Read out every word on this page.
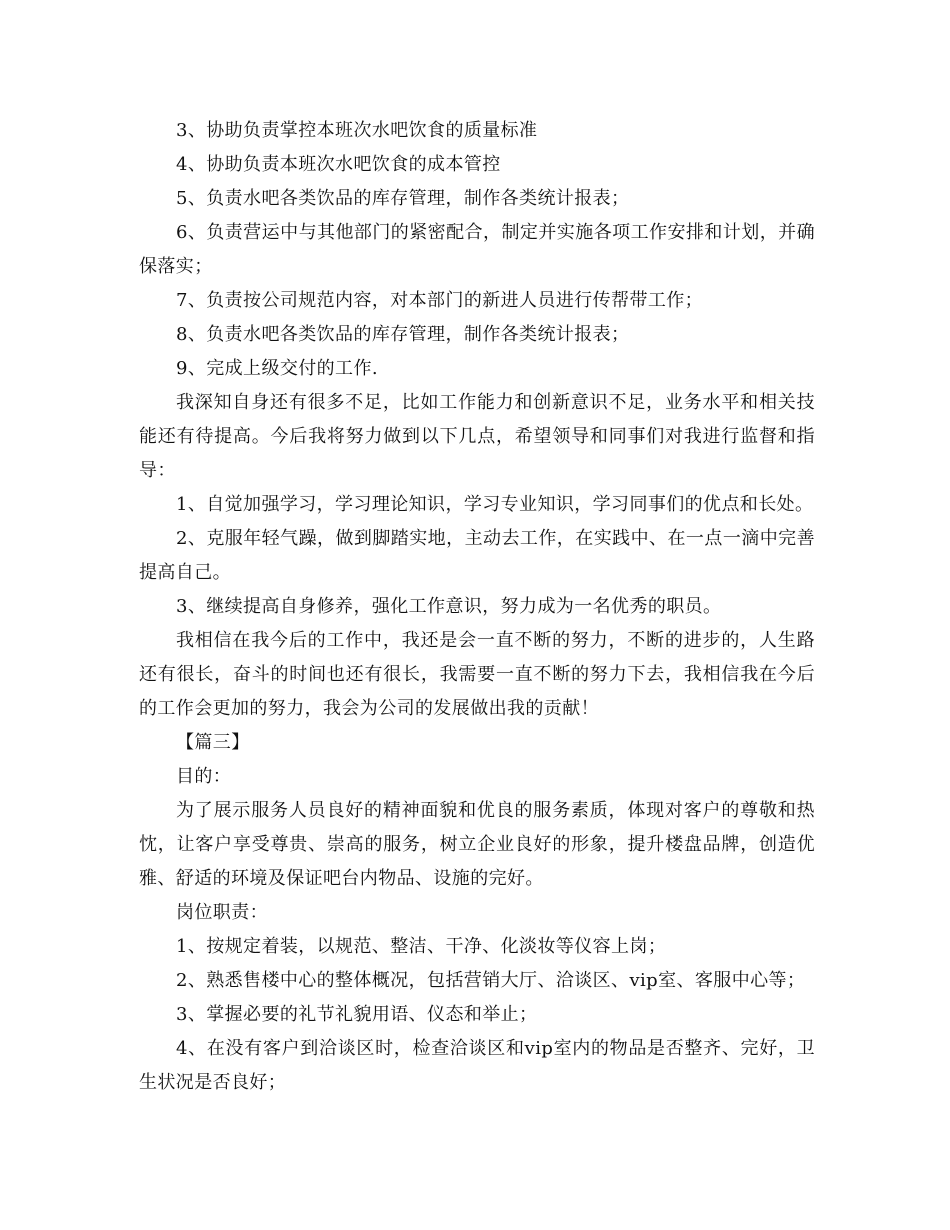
3、协助负责掌控本班次水吧饮食的质量标准

4、协助负责本班次水吧饮食的成本管控

5、负责水吧各类饮品的库存管理，制作各类统计报表；

6、负责营运中与其他部门的紧密配合，制定并实施各项工作安排和计划，并确保落实；

7、负责按公司规范内容，对本部门的新进人员进行传帮带工作；

8、负责水吧各类饮品的库存管理，制作各类统计报表；

9、完成上级交付的工作.

我深知自身还有很多不足，比如工作能力和创新意识不足，业务水平和相关技能还有待提高。今后我将努力做到以下几点，希望领导和同事们对我进行监督和指导：

1、自觉加强学习，学习理论知识，学习专业知识，学习同事们的优点和长处。

2、克服年轻气躁，做到脚踏实地，主动去工作，在实践中、在一点一滴中完善提高自己。

3、继续提高自身修养，强化工作意识，努力成为一名优秀的职员。

我相信在我今后的工作中，我还是会一直不断的努力，不断的进步的，人生路还有很长，奋斗的时间也还有很长，我需要一直不断的努力下去，我相信我在今后的工作会更加的努力，我会为公司的发展做出我的贡献！

【篇三】

目的：

为了展示服务人员良好的精神面貌和优良的服务素质，体现对客户的尊敬和热忱，让客户享受尊贵、崇高的服务，树立企业良好的形象，提升楼盘品牌，创造优雅、舒适的环境及保证吧台内物品、设施的完好。

岗位职责：

1、按规定着装，以规范、整洁、干净、化淡妆等仪容上岗；

2、熟悉售楼中心的整体概况，包括营销大厅、洽谈区、vip室、客服中心等；

3、掌握必要的礼节礼貌用语、仪态和举止；

4、在没有客户到洽谈区时，检查洽谈区和vip室内的物品是否整齐、完好，卫生状况是否良好；
